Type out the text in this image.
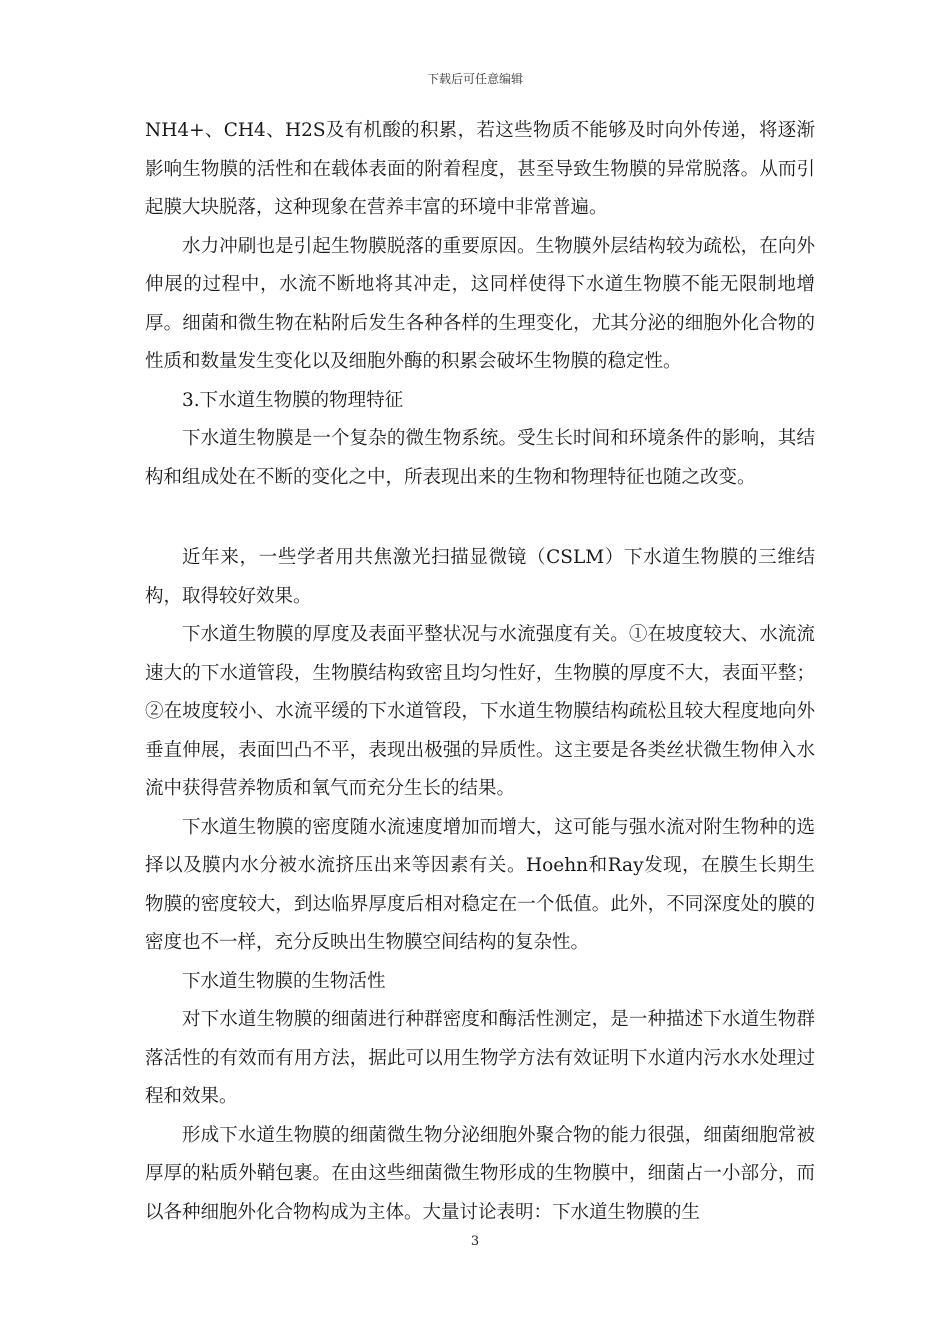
下载后可任意编辑

NH4+、CH4、H2S及有机酸的积累，若这些物质不能够及时向外传递，将逐渐影响生物膜的活性和在载体表面的附着程度，甚至导致生物膜的异常脱落。从而引起膜大块脱落，这种现象在营养丰富的环境中非常普遍。

水力冲刷也是引起生物膜脱落的重要原因。生物膜外层结构较为疏松，在向外伸展的过程中，水流不断地将其冲走，这同样使得下水道生物膜不能无限制地增厚。细菌和微生物在粘附后发生各种各样的生理变化，尤其分泌的细胞外化合物的性质和数量发生变化以及细胞外酶的积累会破坏生物膜的稳定性。

3.下水道生物膜的物理特征

下水道生物膜是一个复杂的微生物系统。受生长时间和环境条件的影响，其结构和组成处在不断的变化之中，所表现出来的生物和物理特征也随之改变。

近年来，一些学者用共焦激光扫描显微镜（CSLM）下水道生物膜的三维结构，取得较好效果。

下水道生物膜的厚度及表面平整状况与水流强度有关。①在坡度较大、水流流速大的下水道管段，生物膜结构致密且均匀性好，生物膜的厚度不大，表面平整；②在坡度较小、水流平缓的下水道管段，下水道生物膜结构疏松且较大程度地向外垂直伸展，表面凹凸不平，表现出极强的异质性。这主要是各类丝状微生物伸入水流中获得营养物质和氧气而充分生长的结果。

下水道生物膜的密度随水流速度增加而增大，这可能与强水流对附生物种的选择以及膜内水分被水流挤压出来等因素有关。Hoehn和Ray发现，在膜生长期生物膜的密度较大，到达临界厚度后相对稳定在一个低值。此外，不同深度处的膜的密度也不一样，充分反映出生物膜空间结构的复杂性。

下水道生物膜的生物活性

对下水道生物膜的细菌进行种群密度和酶活性测定，是一种描述下水道生物群落活性的有效而有用方法，据此可以用生物学方法有效证明下水道内污水水处理过程和效果。

形成下水道生物膜的细菌微生物分泌细胞外聚合物的能力很强，细菌细胞常被厚厚的粘质外鞘包裹。在由这些细菌微生物形成的生物膜中，细菌占一小部分，而以各种细胞外化合物构成为主体。大量讨论表明：下水道生物膜的生

3
